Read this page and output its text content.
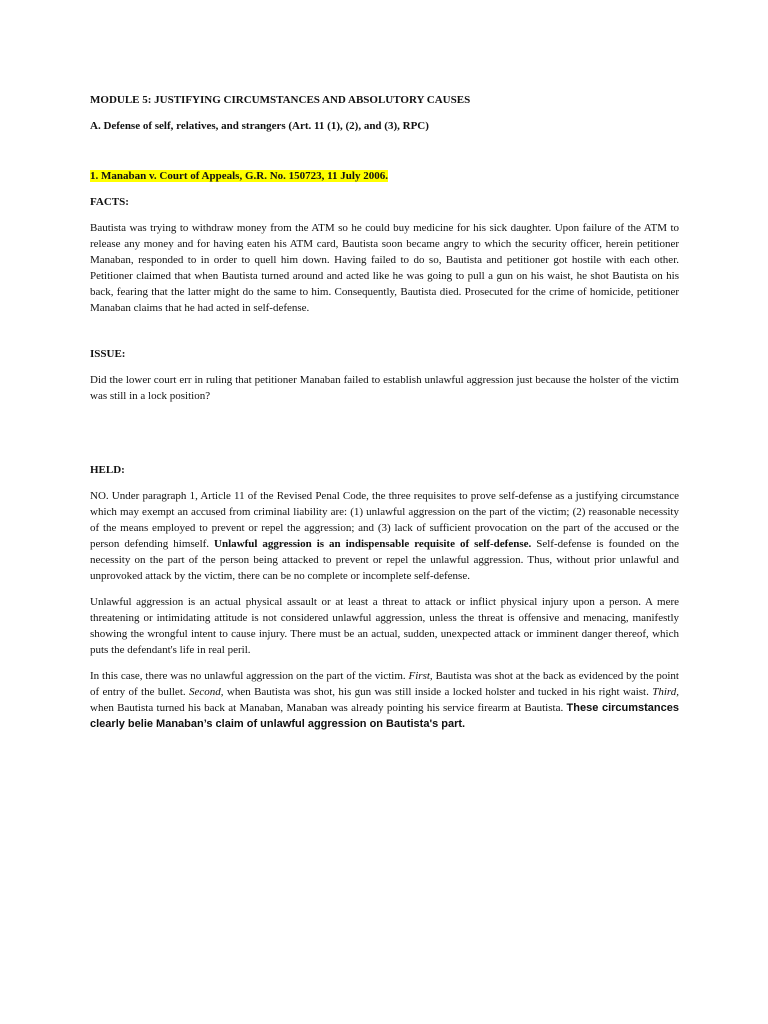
MODULE 5: JUSTIFYING CIRCUMSTANCES AND ABSOLUTORY CAUSES

A. Defense of self, relatives, and strangers (Art. 11 (1), (2), and (3), RPC)

1. Manaban v. Court of Appeals, G.R. No. 150723, 11 July 2006.

FACTS:

Bautista was trying to withdraw money from the ATM so he could buy medicine for his sick daughter. Upon failure of the ATM to release any money and for having eaten his ATM card, Bautista soon became angry to which the security officer, herein petitioner Manaban, responded to in order to quell him down. Having failed to do so, Bautista and petitioner got hostile with each other. Petitioner claimed that when Bautista turned around and acted like he was going to pull a gun on his waist, he shot Bautista on his back, fearing that the latter might do the same to him. Consequently, Bautista died. Prosecuted for the crime of homicide, petitioner Manaban claims that he had acted in self-defense.

ISSUE:

Did the lower court err in ruling that petitioner Manaban failed to establish unlawful aggression just because the holster of the victim was still in a lock position?

HELD:

NO. Under paragraph 1, Article 11 of the Revised Penal Code, the three requisites to prove self-defense as a justifying circumstance which may exempt an accused from criminal liability are: (1) unlawful aggression on the part of the victim; (2) reasonable necessity of the means employed to prevent or repel the aggression; and (3) lack of sufficient provocation on the part of the accused or the person defending himself. Unlawful aggression is an indispensable requisite of self-defense. Self-defense is founded on the necessity on the part of the person being attacked to prevent or repel the unlawful aggression. Thus, without prior unlawful and unprovoked attack by the victim, there can be no complete or incomplete self-defense.

Unlawful aggression is an actual physical assault or at least a threat to attack or inflict physical injury upon a person. A mere threatening or intimidating attitude is not considered unlawful aggression, unless the threat is offensive and menacing, manifestly showing the wrongful intent to cause injury. There must be an actual, sudden, unexpected attack or imminent danger thereof, which puts the defendant's life in real peril.

In this case, there was no unlawful aggression on the part of the victim. First, Bautista was shot at the back as evidenced by the point of entry of the bullet. Second, when Bautista was shot, his gun was still inside a locked holster and tucked in his right waist. Third, when Bautista turned his back at Manaban, Manaban was already pointing his service firearm at Bautista. These circumstances clearly belie Manaban’s claim of unlawful aggression on Bautista's part.
